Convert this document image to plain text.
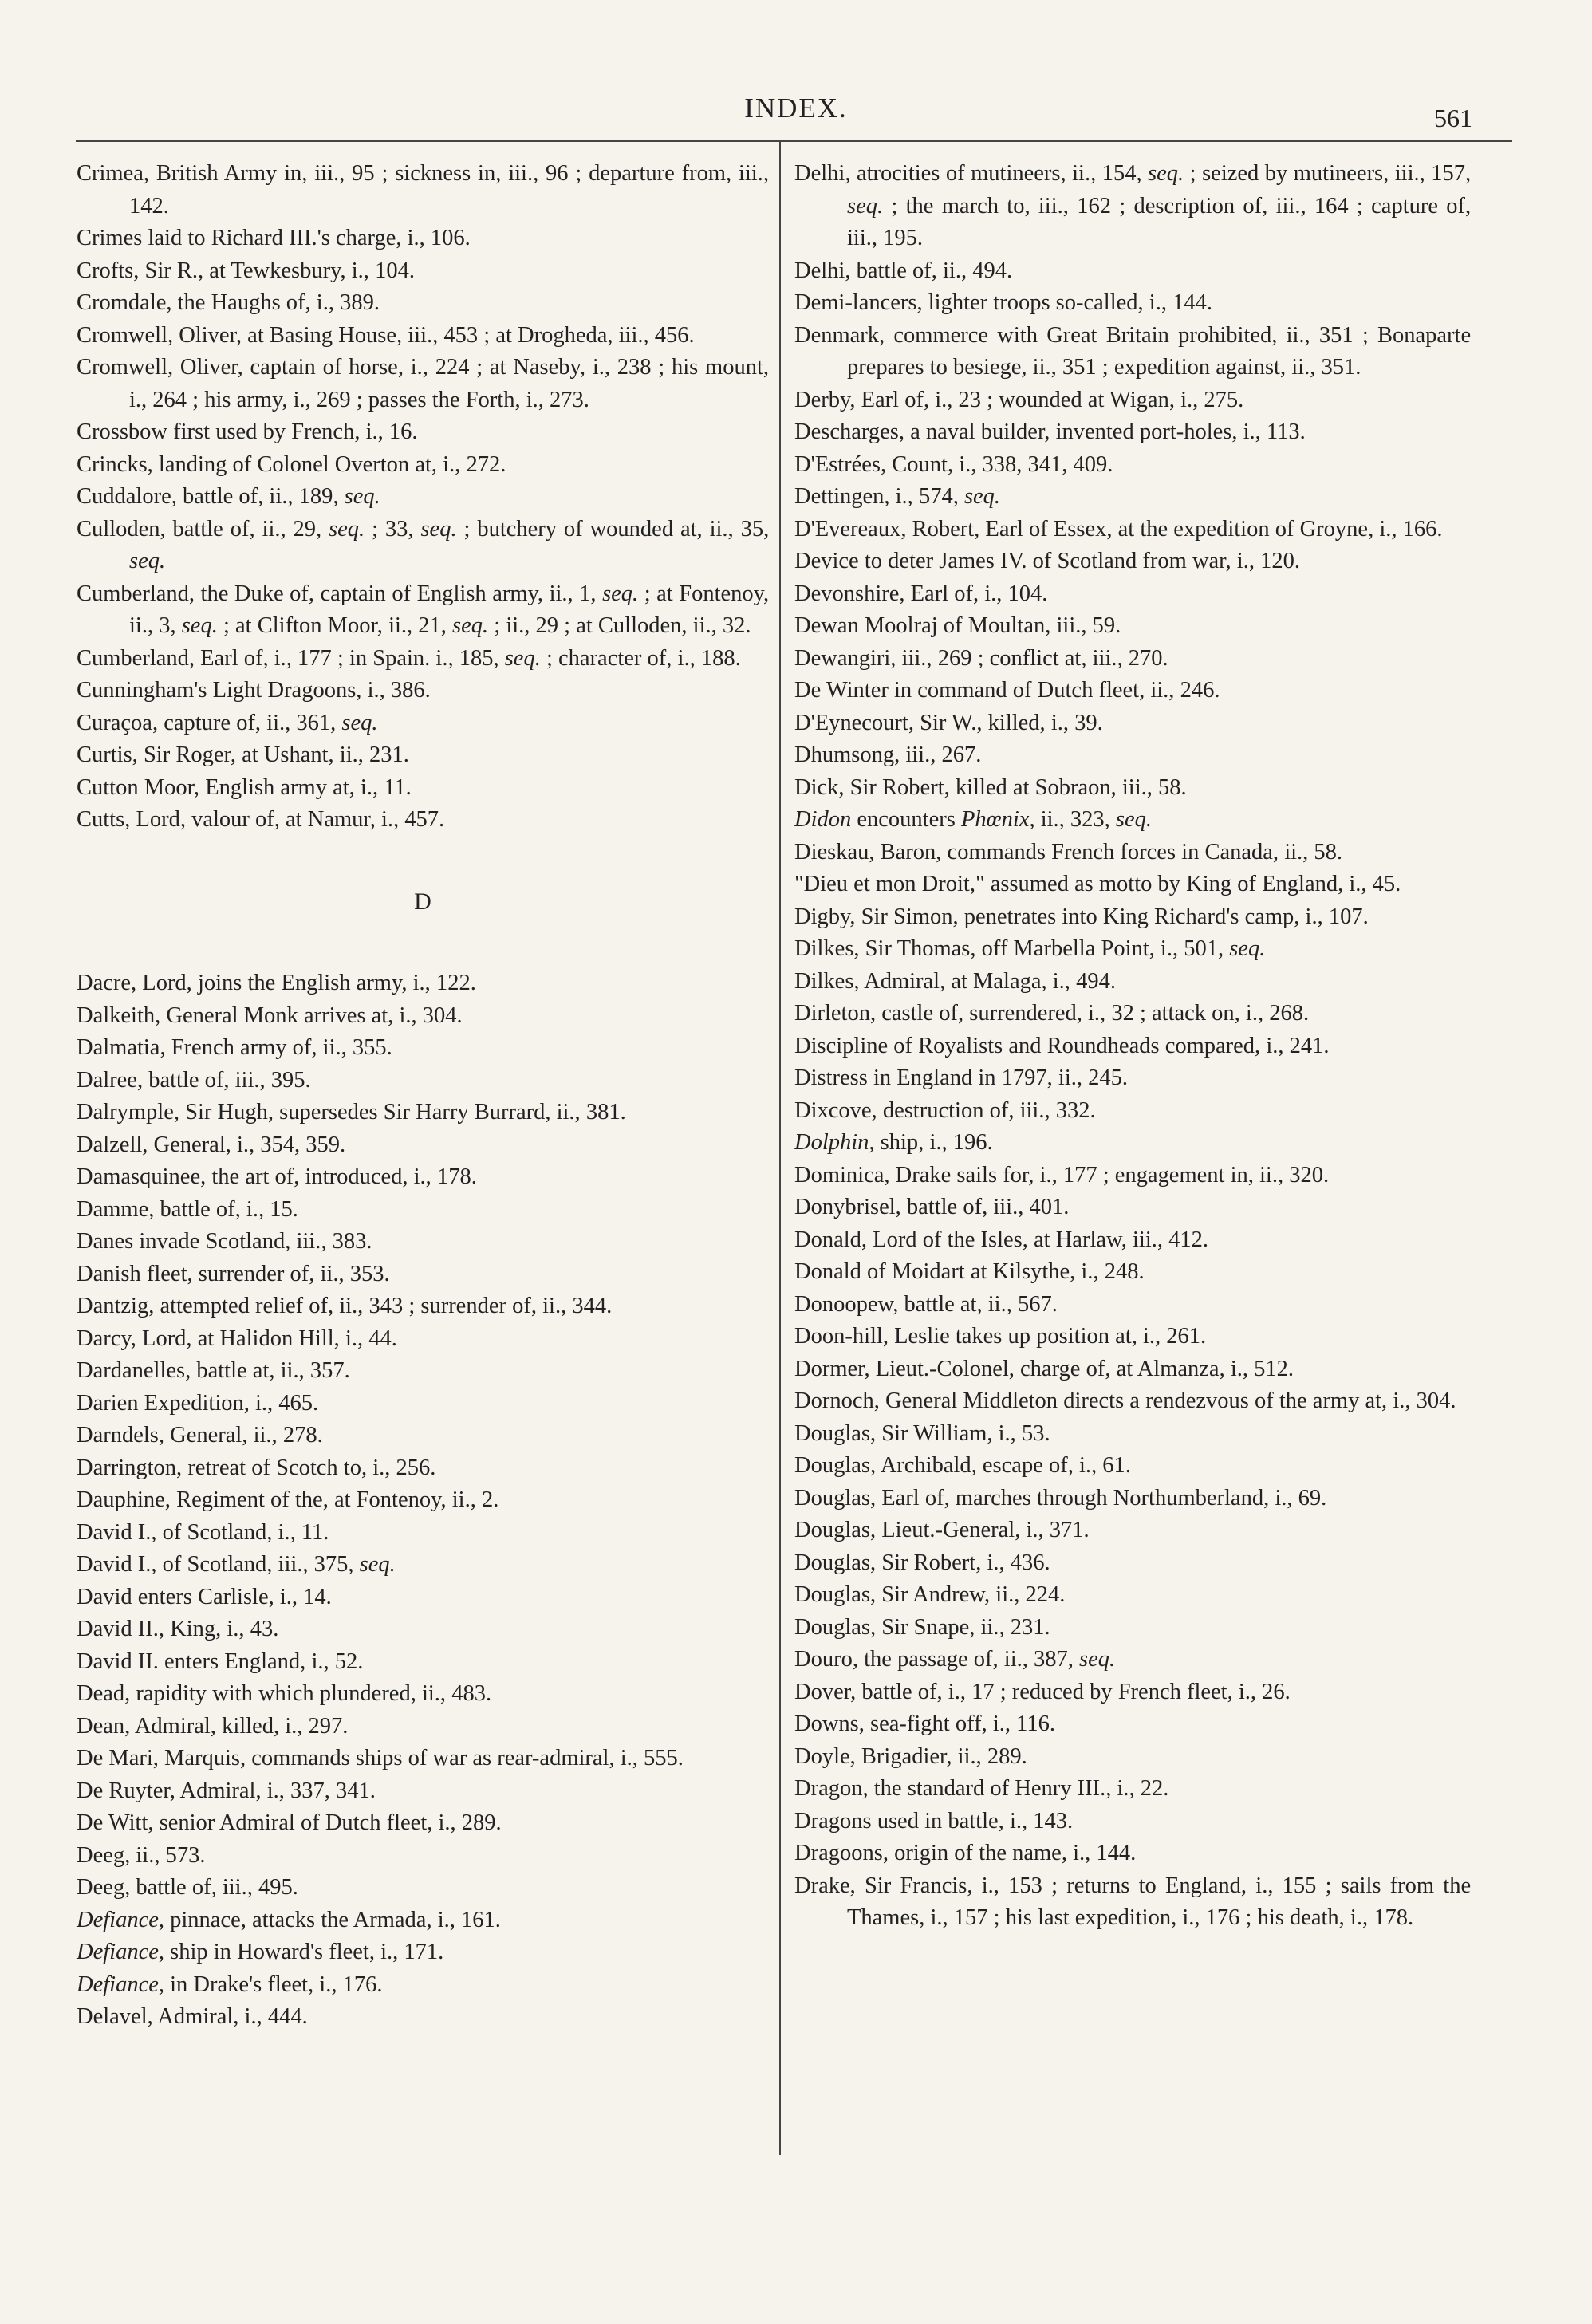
INDEX.	561
Crimea, British Army in, iii., 95 ; sickness in, iii., 96 ; departure from, iii., 142.
Crimes laid to Richard III.'s charge, i., 106.
Crofts, Sir R., at Tewkesbury, i., 104.
Cromdale, the Haughs of, i., 389.
Cromwell, Oliver, at Basing House, iii., 453 ; at Drogheda, iii., 456.
Cromwell, Oliver, captain of horse, i., 224 ; at Naseby, i., 238 ; his mount, i., 264 ; his army, i., 269 ; passes the Forth, i., 273.
Crossbow first used by French, i., 16.
Crincks, landing of Colonel Overton at, i., 272.
Cuddalore, battle of, ii., 189, seq.
Culloden, battle of, ii., 29, seq. ; 33, seq. ; butchery of wounded at, ii., 35, seq.
Cumberland, the Duke of, captain of English army, ii., 1, seq. ; at Fontenoy, ii., 3, seq. ; at Clifton Moor, ii., 21, seq. ; ii., 29 ; at Culloden, ii., 32.
Cumberland, Earl of, i., 177 ; in Spain. i., 185, seq. ; character of, i., 188.
Cunningham's Light Dragoons, i., 386.
Curaçoa, capture of, ii., 361, seq.
Curtis, Sir Roger, at Ushant, ii., 231.
Cutton Moor, English army at, i., 11.
Cutts, Lord, valour of, at Namur, i., 457.
D
Dacre, Lord, joins the English army, i., 122.
Dalkeith, General Monk arrives at, i., 304.
Dalmatia, French army of, ii., 355.
Dalree, battle of, iii., 395.
Dalrymple, Sir Hugh, supersedes Sir Harry Burrard, ii., 381.
Dalzell, General, i., 354, 359.
Damasquinee, the art of, introduced, i., 178.
Damme, battle of, i., 15.
Danes invade Scotland, iii., 383.
Danish fleet, surrender of, ii., 353.
Dantzig, attempted relief of, ii., 343 ; surrender of, ii., 344.
Darcy, Lord, at Halidon Hill, i., 44.
Dardanelles, battle at, ii., 357.
Darien Expedition, i., 465.
Darndels, General, ii., 278.
Darrington, retreat of Scotch to, i., 256.
Dauphine, Regiment of the, at Fontenoy, ii., 2.
David I., of Scotland, i., 11.
David I., of Scotland, iii., 375, seq.
David enters Carlisle, i., 14.
David II., King, i., 43.
David II. enters England, i., 52.
Dead, rapidity with which plundered, ii., 483.
Dean, Admiral, killed, i., 297.
De Mari, Marquis, commands ships of war as rear-admiral, i., 555.
De Ruyter, Admiral, i., 337, 341.
De Witt, senior Admiral of Dutch fleet, i., 289.
Deeg, ii., 573.
Deeg, battle of, iii., 495.
Defiance, pinnace, attacks the Armada, i., 161.
Defiance, ship in Howard's fleet, i., 171.
Defiance, in Drake's fleet, i., 176.
Delavel, Admiral, i., 444.
Delhi, atrocities of mutineers, ii., 154, seq. ; seized by mutineers, iii., 157, seq. ; the march to, iii., 162 ; description of, iii., 164 ; capture of, iii., 195.
Delhi, battle of, ii., 494.
Demi-lancers, lighter troops so-called, i., 144.
Denmark, commerce with Great Britain prohibited, ii., 351 ; Bonaparte prepares to besiege, ii., 351 ; expedition against, ii., 351.
Derby, Earl of, i., 23 ; wounded at Wigan, i., 275.
Descharges, a naval builder, invented port-holes, i., 113.
D'Estrées, Count, i., 338, 341, 409.
Dettingen, i., 574, seq.
D'Evereaux, Robert, Earl of Essex, at the expedition of Groyne, i., 166.
Device to deter James IV. of Scotland from war, i., 120.
Devonshire, Earl of, i., 104.
Dewan Moolraj of Moultan, iii., 59.
Dewangiri, iii., 269 ; conflict at, iii., 270.
De Winter in command of Dutch fleet, ii., 246.
D'Eynecourt, Sir W., killed, i., 39.
Dhumsong, iii., 267.
Dick, Sir Robert, killed at Sobraon, iii., 58.
Didon encounters Phœnix, ii., 323, seq.
Dieskau, Baron, commands French forces in Canada, ii., 58.
"Dieu et mon Droit," assumed as motto by King of England, i., 45.
Digby, Sir Simon, penetrates into King Richard's camp, i., 107.
Dilkes, Sir Thomas, off Marbella Point, i., 501, seq.
Dilkes, Admiral, at Malaga, i., 494.
Dirleton, castle of, surrendered, i., 32 ; attack on, i., 268.
Discipline of Royalists and Roundheads compared, i., 241.
Distress in England in 1797, ii., 245.
Dixcove, destruction of, iii., 332.
Dolphin, ship, i., 196.
Dominica, Drake sails for, i., 177 ; engagement in, ii., 320.
Donybrisel, battle of, iii., 401.
Donald, Lord of the Isles, at Harlaw, iii., 412.
Donald of Moidart at Kilsythe, i., 248.
Donoopew, battle at, ii., 567.
Doon-hill, Leslie takes up position at, i., 261.
Dormer, Lieut.-Colonel, charge of, at Almanza, i., 512.
Dornoch, General Middleton directs a rendezvous of the army at, i., 304.
Douglas, Sir William, i., 53.
Douglas, Archibald, escape of, i., 61.
Douglas, Earl of, marches through Northumberland, i., 69.
Douglas, Lieut.-General, i., 371.
Douglas, Sir Robert, i., 436.
Douglas, Sir Andrew, ii., 224.
Douglas, Sir Snape, ii., 231.
Douro, the passage of, ii., 387, seq.
Dover, battle of, i., 17 ; reduced by French fleet, i., 26.
Downs, sea-fight off, i., 116.
Doyle, Brigadier, ii., 289.
Dragon, the standard of Henry III., i., 22.
Dragons used in battle, i., 143.
Dragoons, origin of the name, i., 144.
Drake, Sir Francis, i., 153 ; returns to England, i., 155 ; sails from the Thames, i., 157 ; his last expedition, i., 176 ; his death, i., 178.
